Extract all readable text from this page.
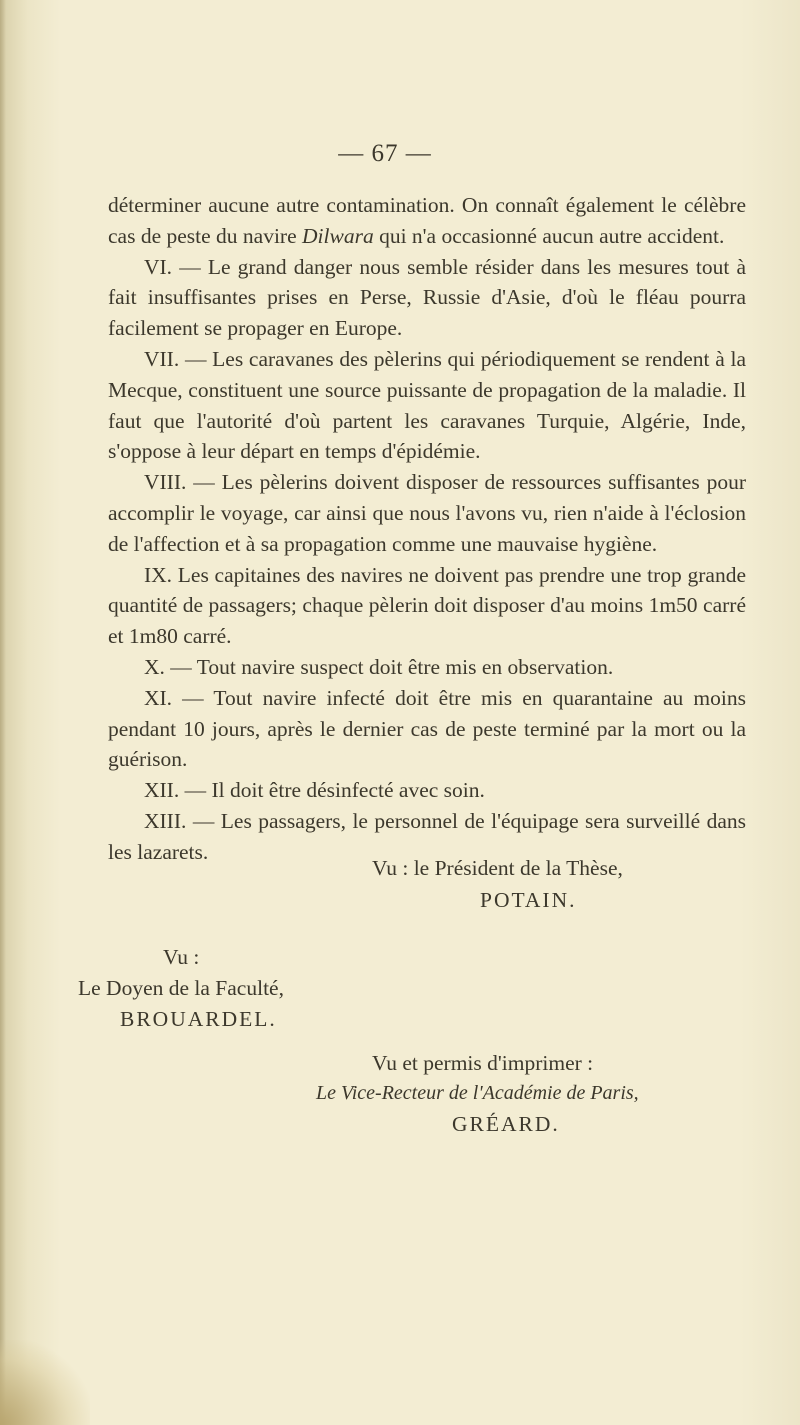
— 67 —

déterminer aucune autre contamination. On connaît également le célèbre cas de peste du navire Dilwara qui n'a occasionné aucun autre accident.

VI. — Le grand danger nous semble résider dans les mesures tout à fait insuffisantes prises en Perse, Russie d'Asie, d'où le fléau pourra facilement se propager en Europe.

VII. — Les caravanes des pèlerins qui périodiquement se rendent à la Mecque, constituent une source puissante de propagation de la maladie. Il faut que l'autorité d'où partent les caravanes Turquie, Algérie, Inde, s'oppose à leur départ en temps d'épidémie.

VIII. — Les pèlerins doivent disposer de ressources suffisantes pour accomplir le voyage, car ainsi que nous l'avons vu, rien n'aide à l'éclosion de l'affection et à sa propagation comme une mauvaise hygiène.

IX. Les capitaines des navires ne doivent pas prendre une trop grande quantité de passagers; chaque pèlerin doit disposer d'au moins 1m50 carré et 1m80 carré.

X. — Tout navire suspect doit être mis en observation.

XI. — Tout navire infecté doit être mis en quarantaine au moins pendant 10 jours, après le dernier cas de peste terminé par la mort ou la guérison.

XII. — Il doit être désinfecté avec soin.

XIII. — Les passagers, le personnel de l'équipage sera surveillé dans les lazarets.

Vu : le Président de la Thèse,
POTAIN.
Vu :
Le Doyen de la Faculté,
BROUARDEL.
Vu et permis d'imprimer :
Le Vice-Recteur de l'Académie de Paris,
GRÉARD.
